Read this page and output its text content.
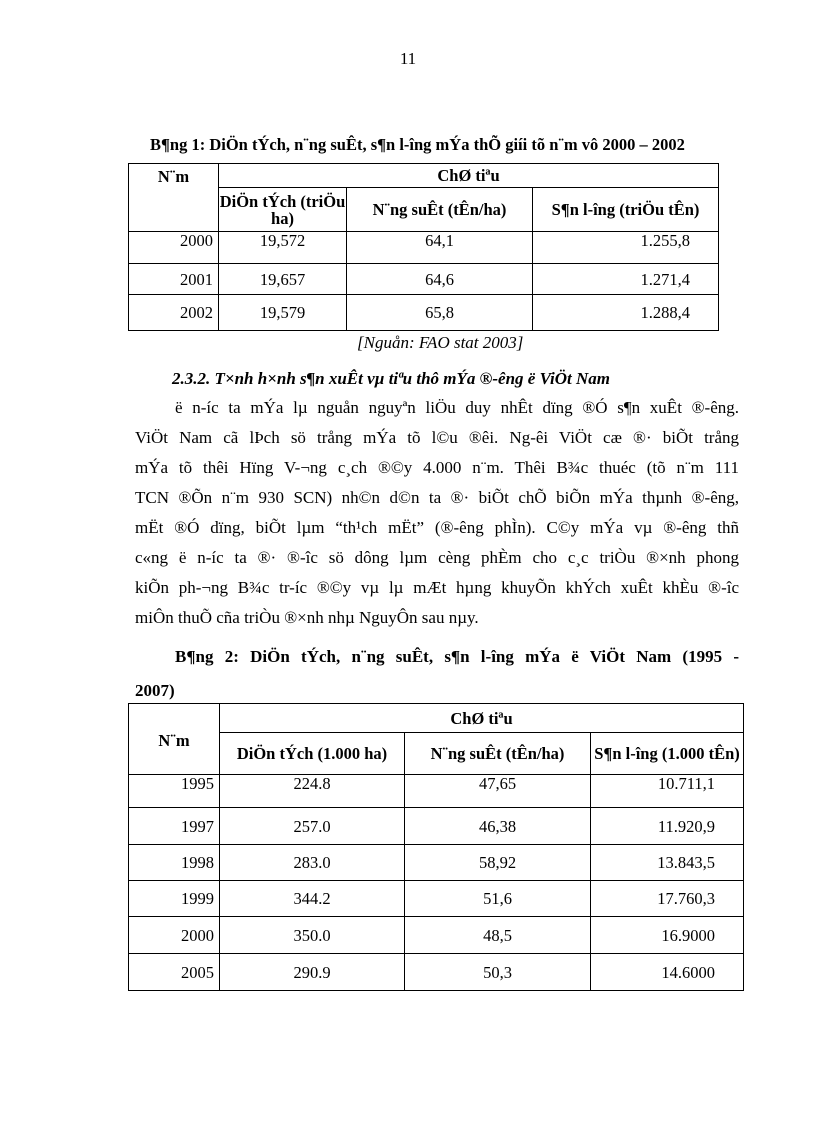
11
B¶ng 1: DiÖn tÝch, n¨ng suÊt, s¶n l-îng mÝa thÕ giíi tõ n¨m vô 2000 – 2002
N¨m	ChØ tiªu		
	DiÖn tÝch (triÖu ha)	N¨ng suÊt (tÊn/ha)	S¶n l-îng (triÖu tÊn)
2000	19,572	64,1	1.255,8
2001	19,657	64,6	1.271,4
2002	19,579	65,8	1.288,4
[Nguån: FAO stat 2003]
2.3.2. T×nh h×nh s¶n xuÊt vµ tiªu thô mÝa ®-êng ë ViÖt Nam
ë n-íc ta mÝa lµ nguån nguyªn liÖu duy nhÊt dïng ®Ó s¶n xuÊt ®-êng.
ViÖt Nam cã lÞch sö trång mÝa tõ l©u ®êi. Ng-êi ViÖt cæ ®· biÕt trång
mÝa tõ thêi Hïng V-¬ng c¸ch ®©y 4.000 n¨m. Thêi B¾c thuéc (tõ n¨m 111
TCN ®Õn n¨m 930 SCN) nh©n d©n ta ®· biÕt chÕ biÕn mÝa thµnh ®-êng,
mËt ®Ó dïng, biÕt lµm “th¹ch mËt” (®-êng phÌn). C©y mÝa vµ ®-êng thñ
c«ng ë n-íc ta ®· ®-îc sö dông lµm cèng phÈm cho c¸c triÒu ®×nh phong
kiÕn ph-¬ng B¾c tr-íc ®©y vµ lµ mÆt hµng khuyÕn khÝch xuÊt khÈu ®-îc
miÔn thuÕ cña triÒu ®×nh nhµ NguyÔn sau nµy.
B¶ng 2: DiÖn tÝch, n¨ng suÊt, s¶n l-îng mÝa ë ViÖt Nam (1995 -
2007)
N¨m	ChØ tiªu		
	DiÖn tÝch (1.000 ha)	N¨ng suÊt (tÊn/ha)	S¶n l-îng (1.000 tÊn)
1995	224.8	47,65	10.711,1
1997	257.0	46,38	11.920,9
1998	283.0	58,92	13.843,5
1999	344.2	51,6	17.760,3
2000	350.0	48,5	16.9000
2005	290.9	50,3	14.6000
